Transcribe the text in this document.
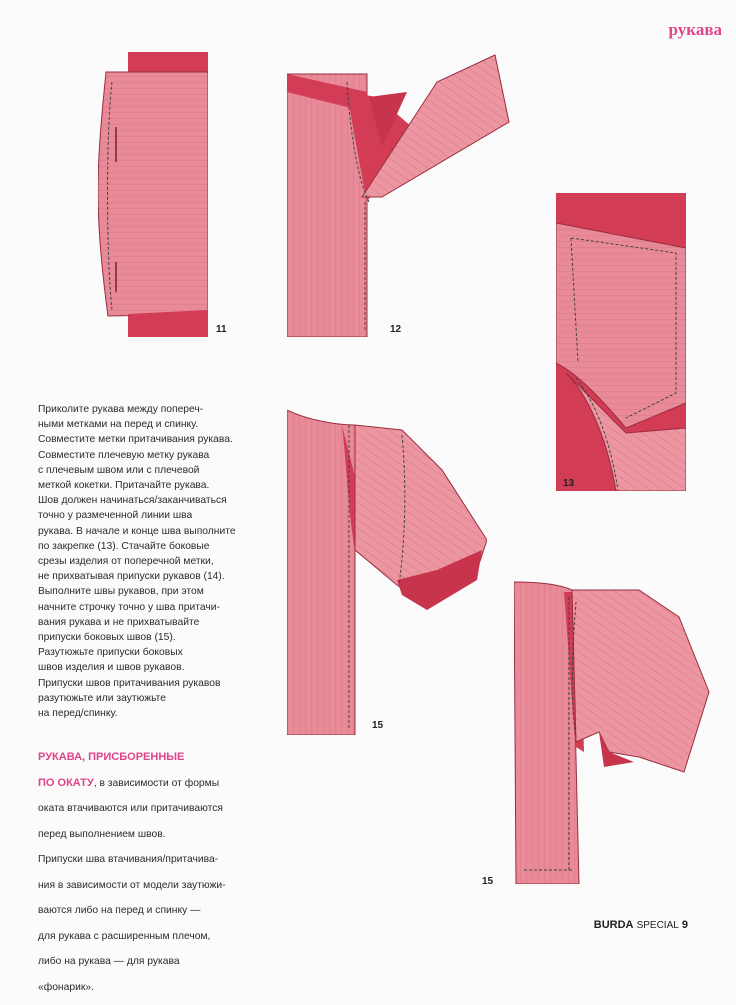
рукава
11	12
13
15
15

Приколите рукава между попереч-

ными метками на перед и спинку.

Совместите метки притачивания рукава.

Совместите плечевую метку рукава

с плечевым швом или с плечевой

меткой кокетки. Притачайте рукава.

Шов должен начинаться/заканчиваться

точно у размеченной линии шва

рукава. В начале и конце шва выполните

по закрепке (13). Стачайте боковые

срезы изделия от поперечной метки,

не прихватывая припуски рукавов (14).

Выполните швы рукавов, при этом

начните строчку точно у шва притачи-

вания рукава и не прихватывайте

припуски боковых швов (15).

Разутюжьте припуски боковых

швов изделия и швов рукавов.

Припуски швов притачивания рукавов

разутюжьте или заутюжьте

на перед/спинку.

РУКАВА, ПРИСБОРЕННЫЕ

ПО ОКАТУ, в зависимости от формы

оката втачиваются или притачиваются

перед выполнением швов.

Припуски шва втачивания/притачива-

ния в зависимости от модели заутюжи-

ваются либо на перед и спинку —

для рукава с расширенным плечом,

либо на рукава — для рукава

«фонарик».

BURDA SPECIAL 9
